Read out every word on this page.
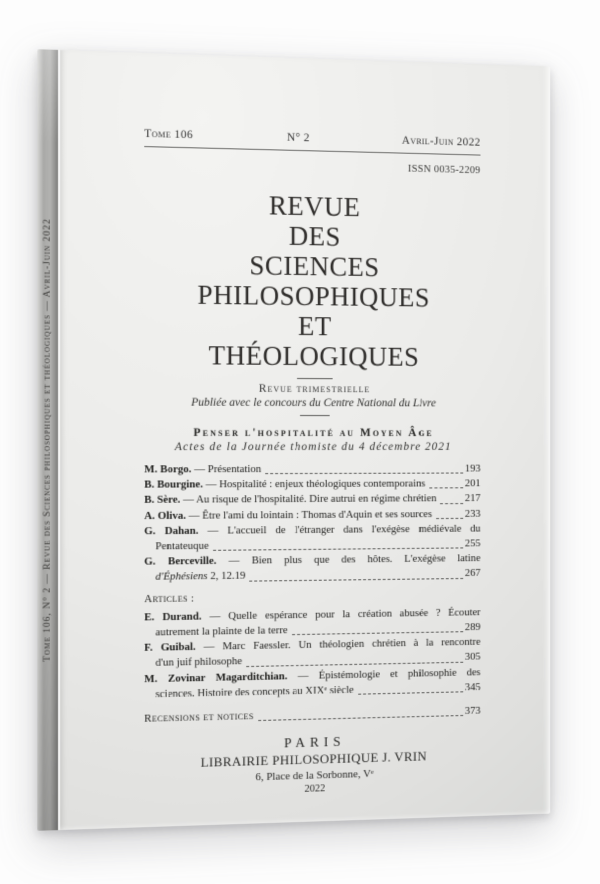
Tome 106, N° 2 — Revue des Sciences philosophiques et théologiques — Avril-Juin 2022
Tome 106	N° 2	Avril-Juin 2022
ISSN 0035-2209
REVUE
DES
SCIENCES PHILOSOPHIQUES
ET
THÉOLOGIQUES
Revue trimestrielle
Publiée avec le concours du Centre National du Livre
Penser l'hospitalité au Moyen Âge
Actes de la Journée thomiste du 4 décembre 2021
M. Borgo. — Présentation	193
B. Bourgine. — Hospitalité : enjeux théologiques contemporains	201
B. Sère. — Au risque de l'hospitalité. Dire autrui en régime chrétien	217
A. Oliva. — Être l'ami du lointain : Thomas d'Aquin et ses sources	233
G. Dahan. — L'accueil de l'étranger dans l'exégèse médiévale du
Pentateuque	255
G. Berceville. — Bien plus que des hôtes. L'exégèse latine
d'Éphésiens 2, 12.19	267
Articles :
E. Durand. — Quelle espérance pour la création abusée ? Écouter
autrement la plainte de la terre	289
F. Guibal. — Marc Faessler. Un théologien chrétien à la rencontre
d'un juif philosophe	305
M. Zovinar Magarditchian. — Épistémologie et philosophie des
sciences. Histoire des concepts au XIXᵉ siècle	345
Recensions et notices	373
PARIS
LIBRAIRIE PHILOSOPHIQUE J. VRIN
6, Place de la Sorbonne, Vᵉ
2022
